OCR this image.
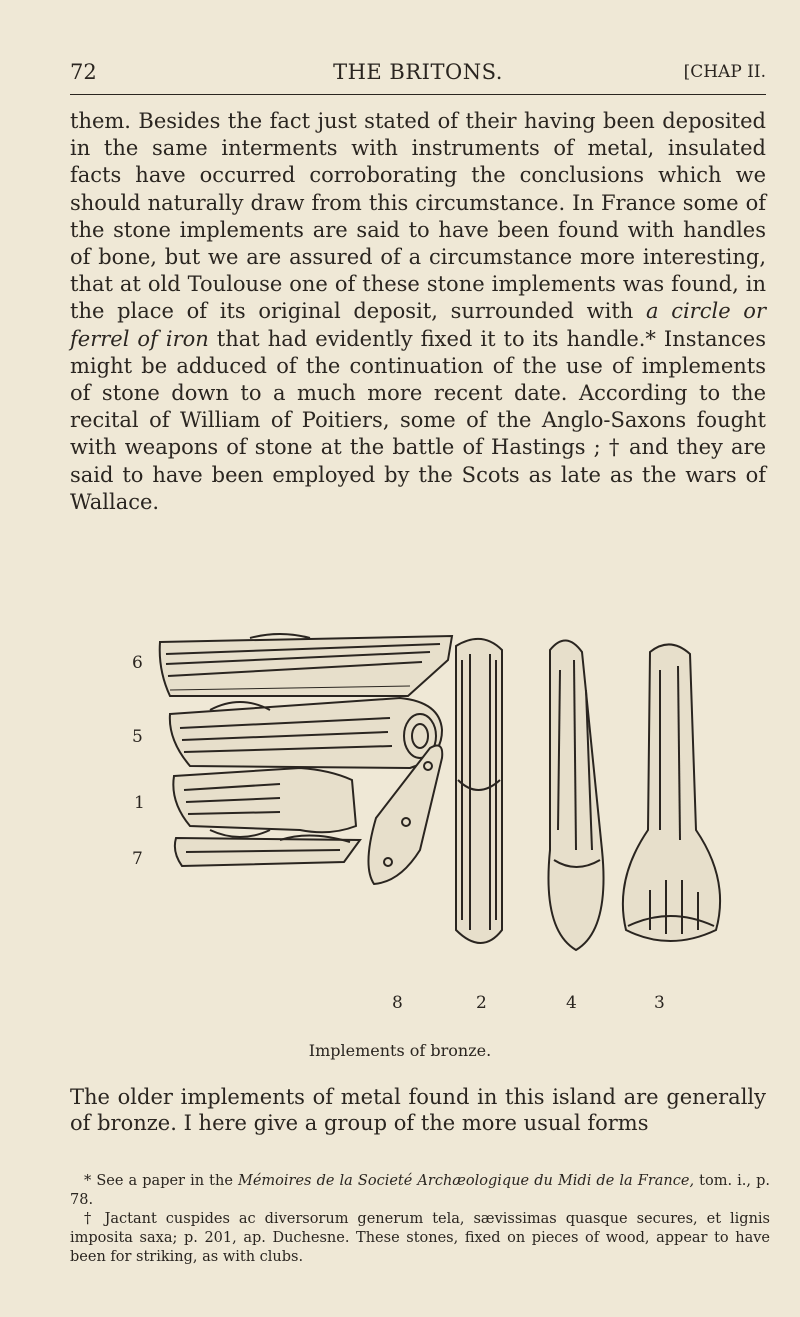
72	THE BRITONS.	[CHAP II.

them. Besides the fact just stated of their having been deposited in the same interments with instruments of metal, insulated facts have occurred corroborating the conclusions which we should naturally draw from this circumstance. In France some of the stone implements are said to have been found with handles of bone, but we are assured of a circumstance more interesting, that at old Toulouse one of these stone implements was found, in the place of its original deposit, surrounded with a circle or ferrel of iron that had evidently fixed it to its handle.* Instances might be adduced of the continuation of the use of implements of stone down to a much more recent date. According to the recital of William of Poitiers, some of the Anglo-Saxons fought with weapons of stone at the battle of Hastings ; † and they are said to have been employed by the Scots as late as the wars of Wallace.

6
5
1
7
8	2	4	3
Implements of bronze.

The older implements of metal found in this island are generally of bronze. I here give a group of the more usual forms

* See a paper in the Mémoires de la Societé Archæologique du Midi de la France, tom. i., p. 78.

† Jactant cuspides ac diversorum generum tela, sævissimas quasque secures, et lignis imposita saxa; p. 201, ap. Duchesne. These stones, fixed on pieces of wood, appear to have been for striking, as with clubs.
